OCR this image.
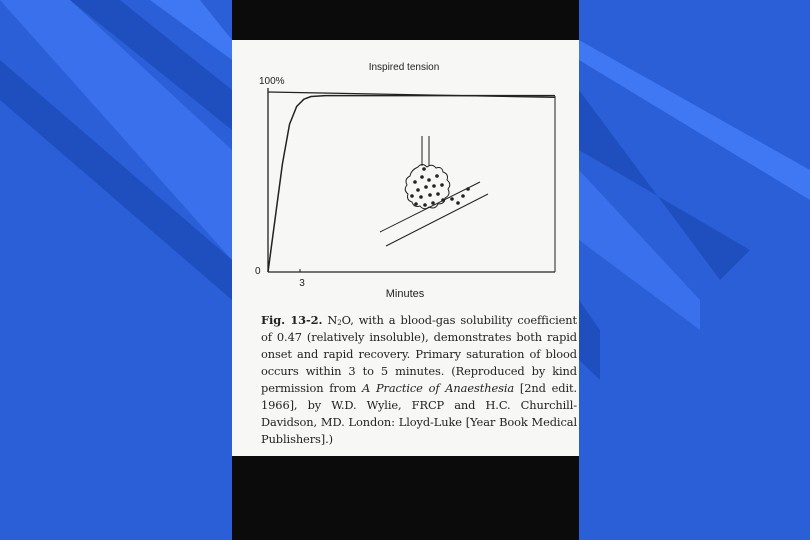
Inspired tension
100%
0
3
Minutes
Fig. 13-2. $N_2O$, with a blood-gas solubility coefficient of 0.47 (relatively insoluble), demonstrates both rapid onset and rapid recovery. Primary saturation of blood occurs within 3 to 5 minutes. (Reproduced by kind permission from A Practice of Anaesthesia [2nd edit. 1966], by W.D. Wylie, FRCP and H.C. Churchill-Davidson, MD. London: Lloyd-Luke [Year Book Medical Publishers].)
